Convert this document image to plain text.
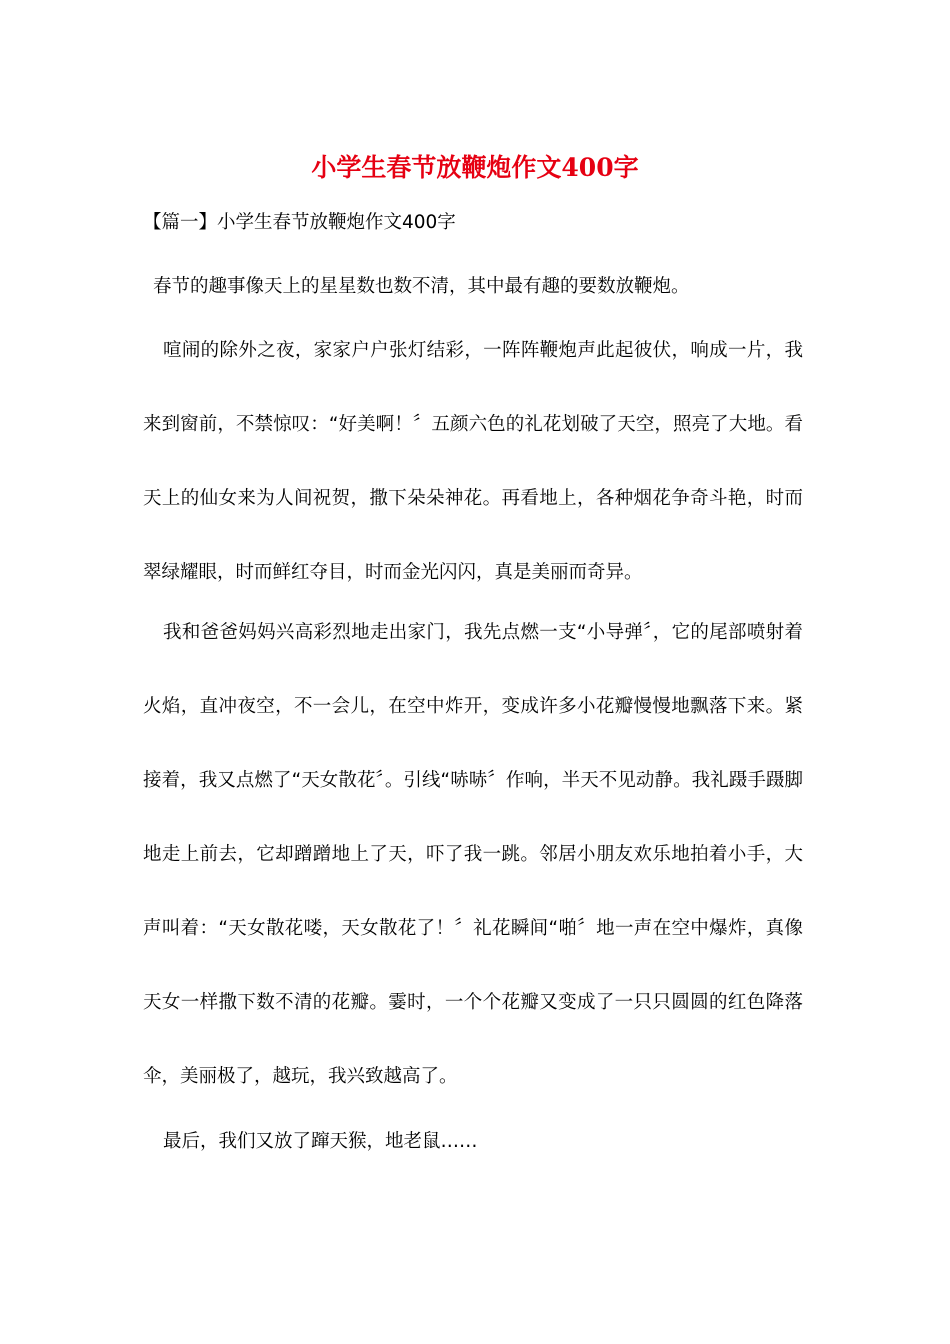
小学生春节放鞭炮作文400字
【篇一】小学生春节放鞭炮作文400字

春节的趣事像天上的星星数也数不清，其中最有趣的要数放鞭炮。

喧闹的除外之夜，家家户户张灯结彩，一阵阵鞭炮声此起彼伏，响成一片，我来到窗前，不禁惊叹：“好美啊！〞五颜六色的礼花划破了天空，照亮了大地。看天上的仙女来为人间祝贺，撒下朵朵神花。再看地上，各种烟花争奇斗艳，时而翠绿耀眼，时而鲜红夺目，时而金光闪闪，真是美丽而奇异。

我和爸爸妈妈兴高彩烈地走出家门，我先点燃一支“小导弹〞，它的尾部喷射着火焰，直冲夜空，不一会儿，在空中炸开，变成许多小花瓣慢慢地飘落下来。紧接着，我又点燃了“天女散花〞。引线“哧哧〞作响，半天不见动静。我礼蹑手蹑脚地走上前去，它却蹭蹭地上了天，吓了我一跳。邻居小朋友欢乐地拍着小手，大声叫着：“天女散花喽，天女散花了！〞礼花瞬间“啪〞地一声在空中爆炸，真像天女一样撒下数不清的花瓣。霎时，一个个花瓣又变成了一只只圆圆的红色降落伞，美丽极了，越玩，我兴致越高了。

最后，我们又放了蹿天猴，地老鼠……
